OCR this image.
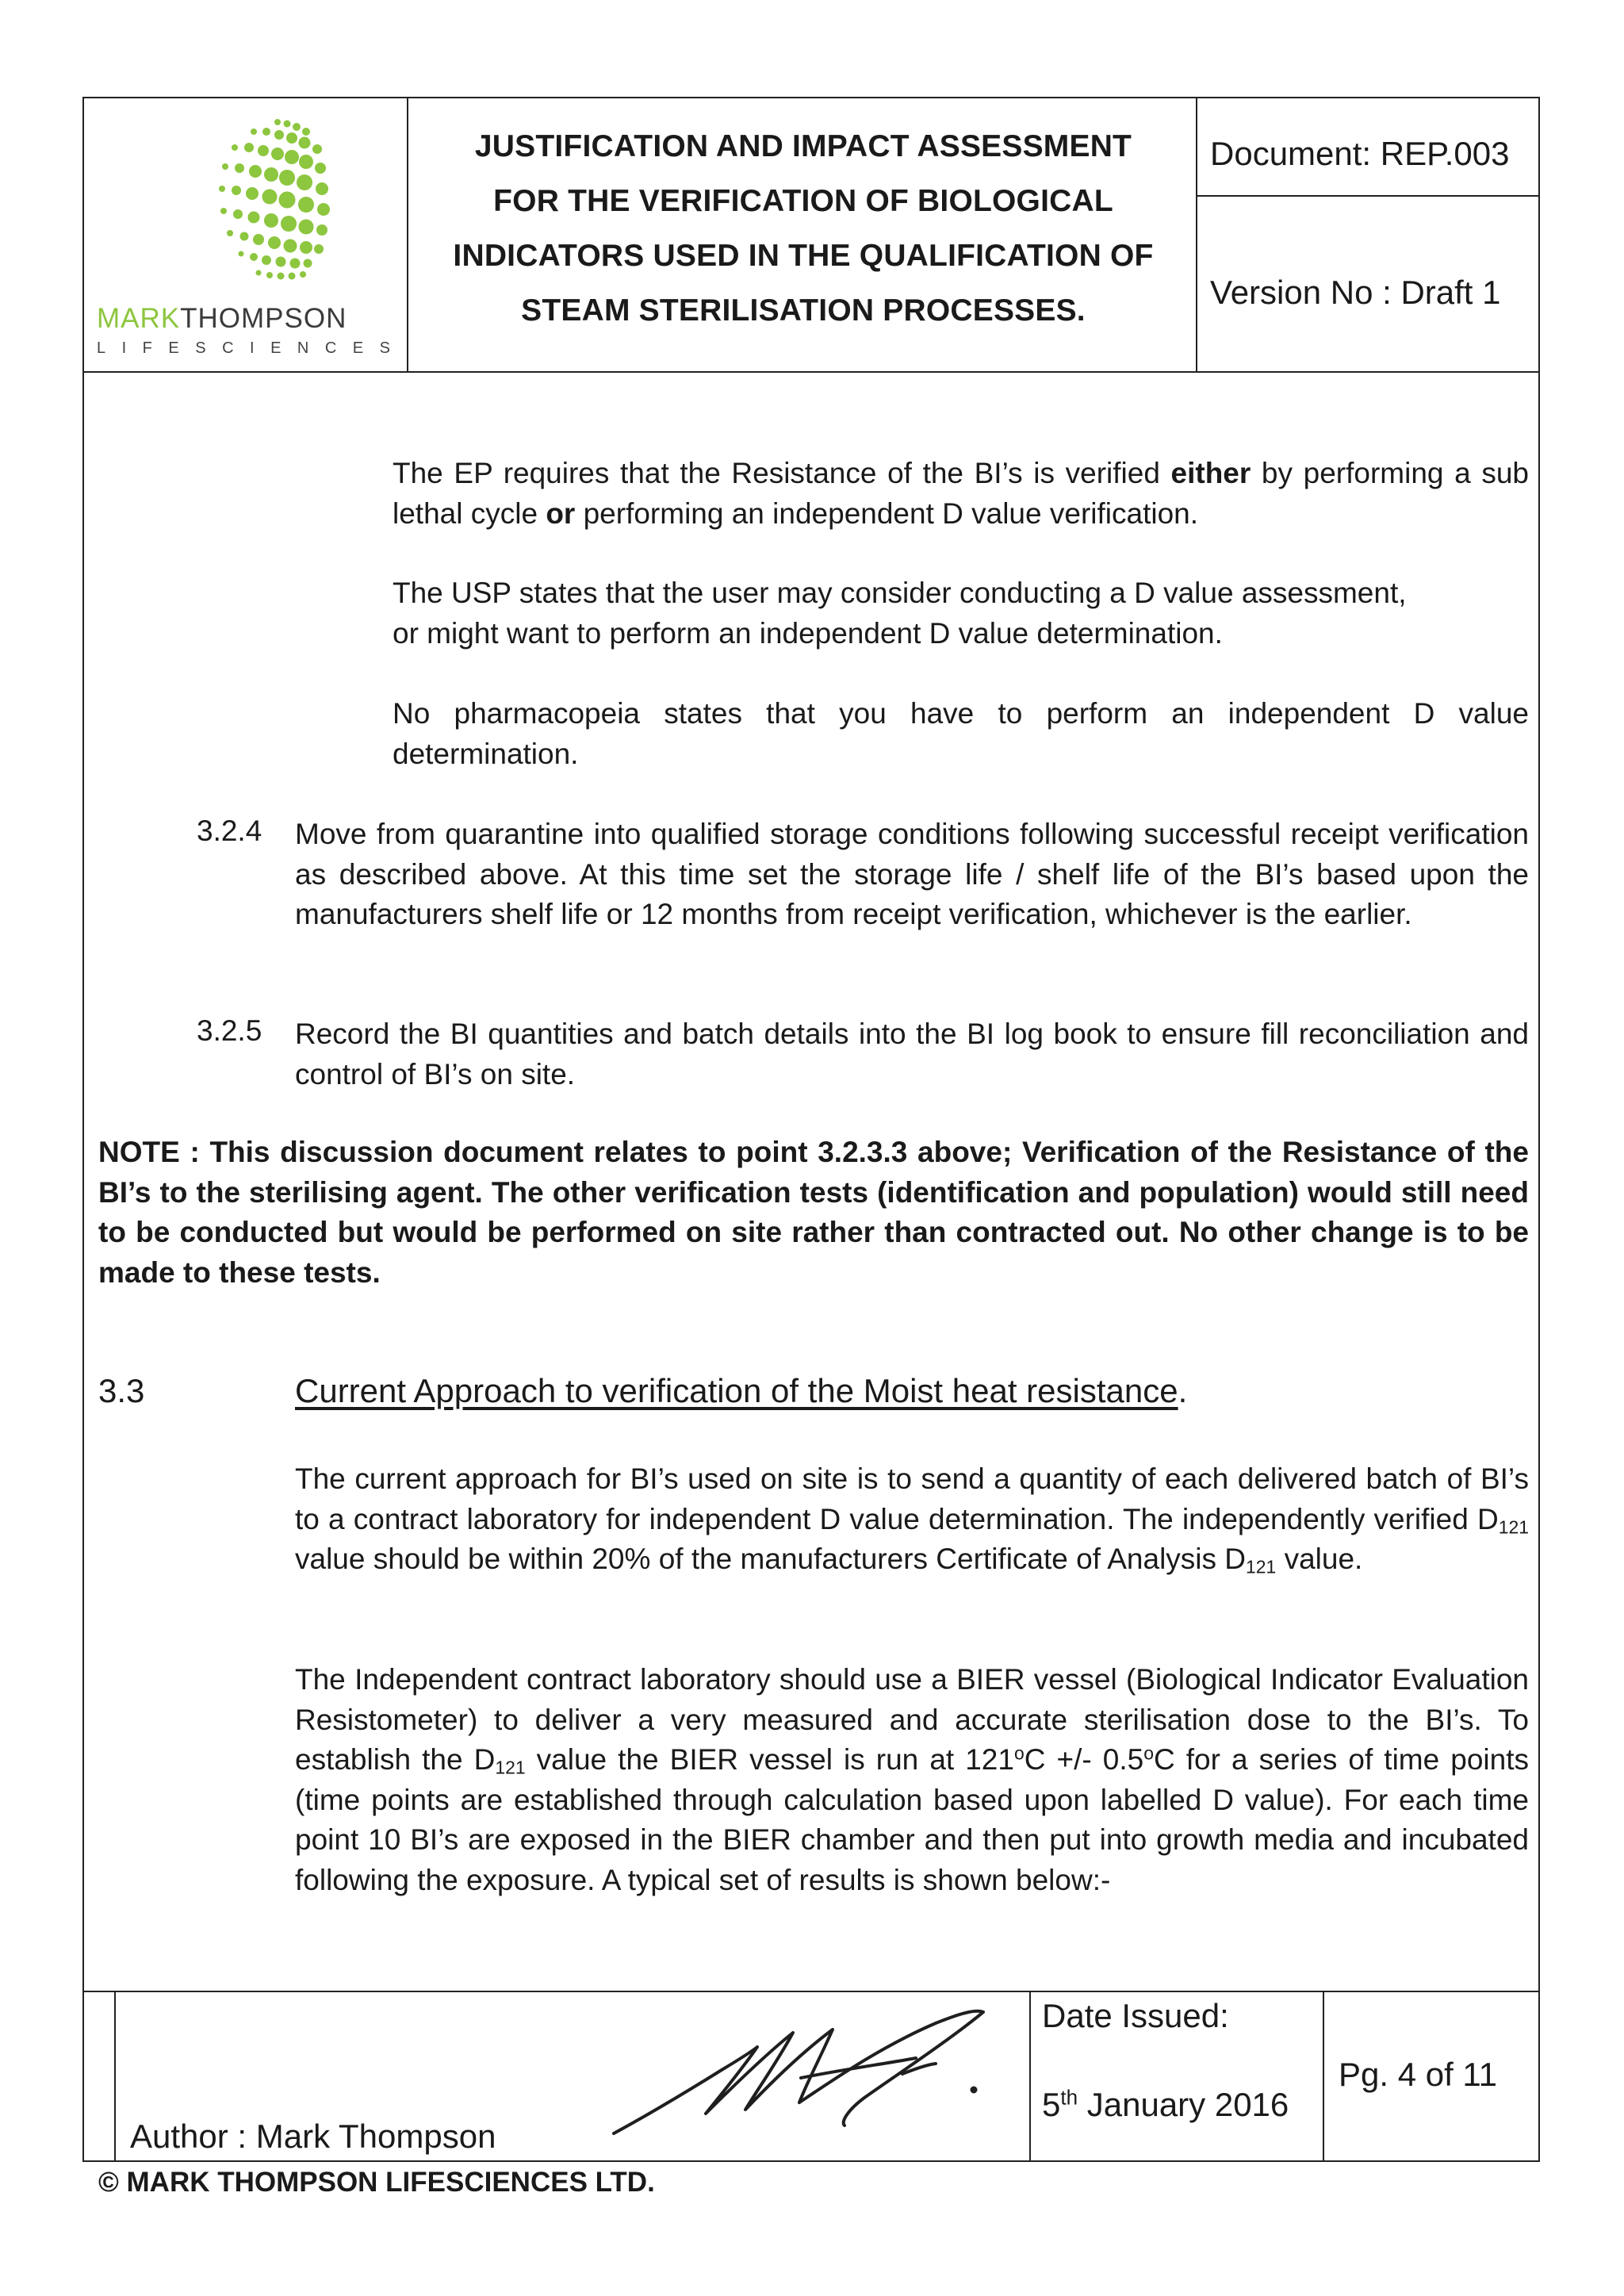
MARKTHOMPSON
LIFESCIENCES
JUSTIFICATION AND IMPACT ASSESSMENT
FOR THE VERIFICATION OF BIOLOGICAL
INDICATORS USED IN THE QUALIFICATION OF
STEAM STERILISATION PROCESSES.
Document: REP.003
Version No : Draft 1
The EP requires that the Resistance of the BI’s is verified either by performing a sub lethal cycle or performing an independent D value verification.
The USP states that the user may consider conducting a D value assessment,
or might want to perform an independent D value determination.
No pharmacopeia states that you have to perform an independent D value determination.
3.2.4 Move from quarantine into qualified storage conditions following successful receipt verification as described above. At this time set the storage life / shelf life of the BI’s based upon the manufacturers shelf life or 12 months from receipt verification, whichever is the earlier.
3.2.5 Record the BI quantities and batch details into the BI log book to ensure fill reconciliation and control of BI’s on site.
NOTE : This discussion document relates to point 3.2.3.3 above; Verification of the Resistance of the BI’s to the sterilising agent. The other verification tests (identification and population) would still need to be conducted but would be performed on site rather than contracted out. No other change is to be made to these tests.
3.3	Current Approach to verification of the Moist heat resistance.
The current approach for BI’s used on site is to send a quantity of each delivered batch of BI’s to a contract laboratory for independent D value determination. The independently verified $D_{121}$ value should be within 20% of the manufacturers Certificate of Analysis $D_{121}$ value.
The Independent contract laboratory should use a BIER vessel (Biological Indicator Evaluation Resistometer) to deliver a very measured and accurate sterilisation dose to the BI’s. To establish the $D_{121}$ value the BIER vessel is run at $121^oC$ +/- 0.5$^o$C for a series of time points (time points are established through calculation based upon labelled D value). For each time point 10 BI’s are exposed in the BIER chamber and then put into growth media and incubated following the exposure. A typical set of results is shown below:-
Author : Mark Thompson
Date Issued:
5th January 2016
Pg. 4 of 11
© MARK THOMPSON LIFESCIENCES LTD.
